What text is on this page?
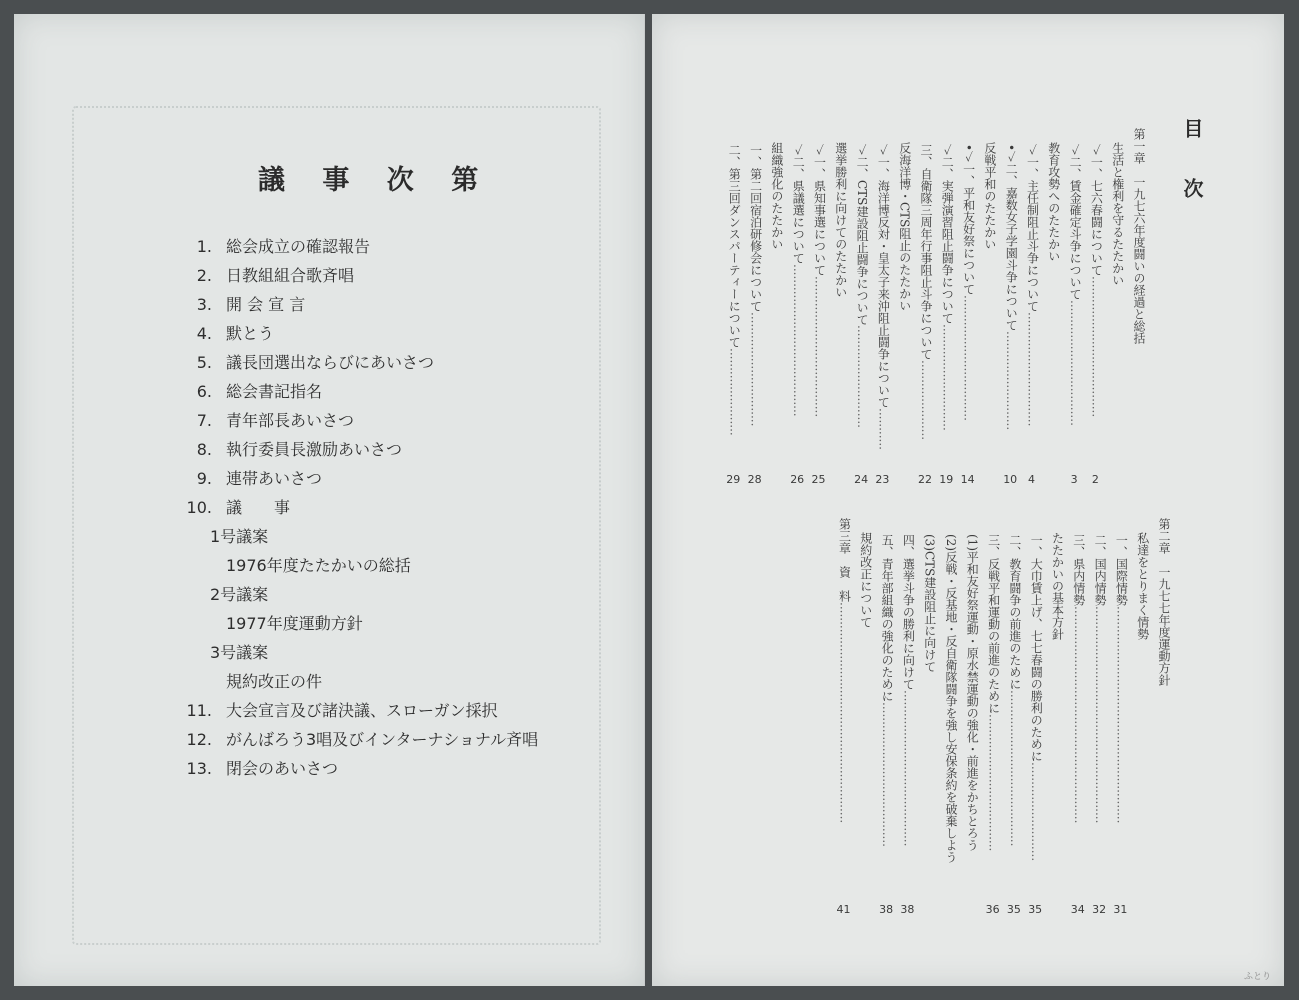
議 事 次 第
1. 総会成立の確認報告
2. 日教組組合歌斉唱
3. 開 会 宣 言
4. 默とう
5. 議長団選出ならびにあいさつ
6. 総会書記指名
7. 青年部長あいさつ
8. 執行委員長激励あいさつ
9. 連帯あいさつ
10. 議　　事
1号議案
1976年度たたかいの総括
2号議案
1977年度運動方針
3号議案
規約改正の件
11. 大会宣言及び諸決議、スローガン採択
12. がんばろう3唱及びインターナショナル斉唱
13. 閉会のあいさつ
目次
第一章　一九七六年度闘いの経過と総括
生活と権利を守るたたかい
✓一、七六春闘について.....................................
2
✓二、賃金確定斗争について.................................
3
教育攻勢へのたたかい
✓一、主任制阻止斗争について..............................
4
•✓二、嘉数女子学園斗争について..........................
10
反戦平和のたたかい
•✓一、平和友好祭について.................................
14
✓二、実弾演習阻止闘争について............................
19
三、自衛隊三周年行事阻止斗争について.....................
22
反海洋博・CTS阻止のたたかい
✓一、海洋博反対・皇太子来沖阻止闘争について...........
23
✓二、CTS建設阻止闘争について...........................
24
選挙勝利に向けてのたたかい
✓一、県知事選について.....................................
25
✓二、県議選について........................................
26
組織強化のたたかい
一、第二回宿泊研修会について..............................
28
二、第三回ダンスパーティーについて.......................
29
第二章　一九七七年度運動方針
私達をとりまく情勢
一、国際情勢.........................................................
31
二、国内情勢.........................................................
32
三、県内情勢.........................................................
34
たたかいの基本方針
一、大巾賃上げ、七七春闘の勝利のために..........................
35
二、教育闘争の前進のために.........................................
35
三、反戦平和運動の前進のために....................................
36
(1)平和友好祭運動・原水禁運動の強化・前進をかちとろう
(2)反戦・反基地・反自衛隊闘争を強し安保条約を破棄しよう
(3)CTS建設阻止に向けて
四、選挙斗争の勝利に向けて.........................................
38
五、青年部組織の強化のために......................................
38
規約改正について
第三章　資　料..........................................................
41
ふとり
